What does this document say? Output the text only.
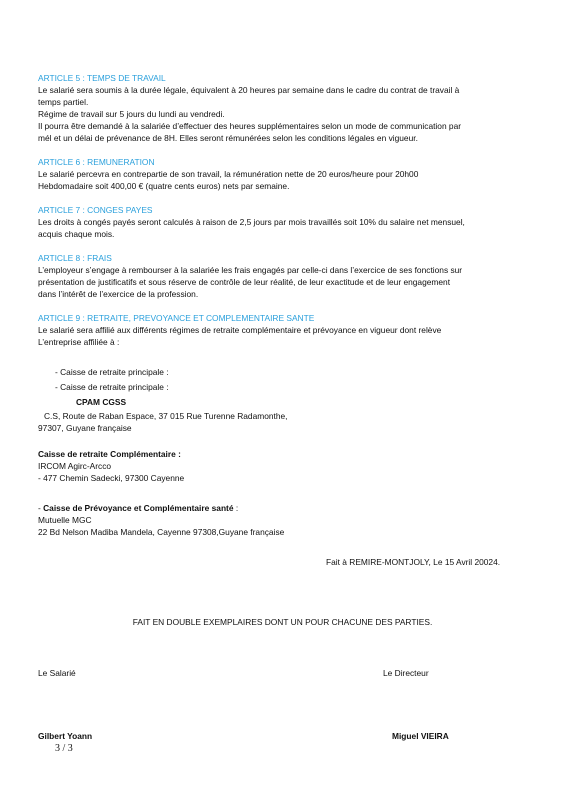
ARTICLE 5 : TEMPS DE TRAVAIL
Le salarié sera soumis à la durée légale, équivalent à 20 heures par semaine dans le cadre du contrat de travail à
temps partiel.
Régime de travail sur 5 jours du lundi au vendredi.
Il pourra être demandé à la salariée d’effectuer des heures supplémentaires selon un mode de communication par
mél et un délai de prévenance de 8H. Elles seront rémunérées selon les conditions légales en vigueur.
ARTICLE 6 : REMUNERATION
Le salarié percevra en contrepartie de son travail, la rémunération nette de 20 euros/heure pour 20h00
Hebdomadaire soit 400,00 € (quatre cents euros) nets par semaine.
ARTICLE 7 : CONGES PAYES
Les droits à congés payés seront calculés à raison de 2,5 jours par mois travaillés soit 10% du salaire net mensuel,
acquis chaque mois.
ARTICLE 8 : FRAIS
L’employeur s’engage à rembourser à la salariée les frais engagés par celle-ci dans l’exercice de ses fonctions sur
présentation de justificatifs et sous réserve de contrôle de leur réalité, de leur exactitude et de leur engagement
dans l’intérêt de l’exercice de la profession.
ARTICLE 9 : RETRAITE, PREVOYANCE ET COMPLEMENTAIRE SANTE
Le salarié sera affilié aux différents régimes de retraite complémentaire et prévoyance en vigueur dont relève
L’entreprise affiliée à :
- Caisse de retraite principale :
- Caisse de retraite principale :
CPAM CGSS
C.S, Route de Raban Espace, 37 015 Rue Turenne Radamonthe,
97307, Guyane française
Caisse de retraite Complémentaire :
IRCOM Agirc-Arcco
- 477 Chemin Sadecki, 97300 Cayenne
- Caisse de Prévoyance et Complémentaire santé :
Mutuelle MGC
22 Bd Nelson Madiba Mandela, Cayenne 97308,Guyane française
Fait à REMIRE-MONTJOLY, Le 15 Avril 20024.
FAIT EN DOUBLE EXEMPLAIRES DONT UN POUR CHACUNE DES PARTIES.
Le Salarié	Le Directeur
Gilbert Yoann	Miguel VIEIRA
3 / 3
